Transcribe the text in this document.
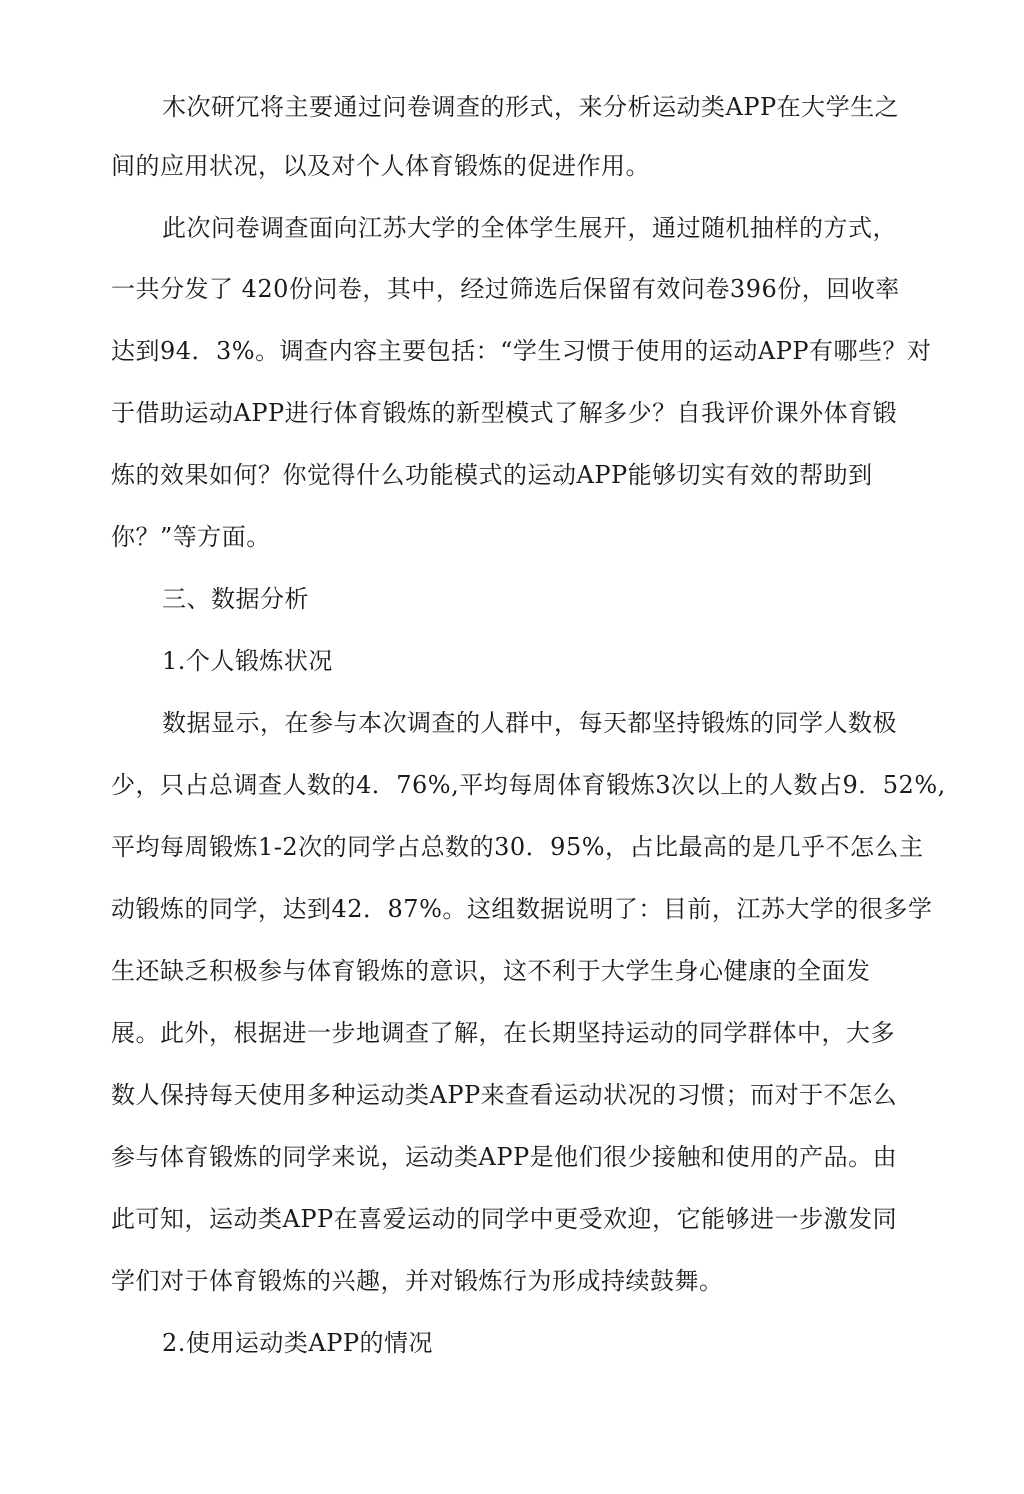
木次研冗将主要通过问卷调查的形式，来分析运动类APP在大学生之
间的应用状况，以及对个人体育锻炼的促进作用。
此次问卷调查面向江苏大学的全体学生展幵，通过随机抽样的方式，
一共分发了 420份问卷，其中，经过筛选后保留有效问卷396份，回收率
达到94．3%。调查内容主要包括：“学生习惯于使用的运动APP有哪些？对
于借助运动APP进行体育锻炼的新型模式了解多少？自我评价课外体育锻
炼的效果如何？你觉得什么功能模式的运动APP能够切实有效的帮助到
你？”等方面。
三、数据分析
1.个人锻炼状况
数据显示，在参与本次调查的人群中，每天都坚持锻炼的同学人数极
少，只占总调查人数的4．76%,平均每周体育锻炼3次以上的人数占9．52%,
平均每周锻炼1-2次的同学占总数的30．95%，占比最高的是几乎不怎么主
动锻炼的同学，达到42．87%。这组数据说明了：目前，江苏大学的很多学
生还缺乏积极参与体育锻炼的意识，这不利于大学生身心健康的全面发
展。此外，根据进一步地调查了解，在长期坚持运动的同学群体中，大多
数人保持每天使用多种运动类APP来查看运动状况的习惯；而对于不怎么
参与体育锻炼的同学来说，运动类APP是他们很少接触和使用的产品。由
此可知，运动类APP在喜爱运动的同学中更受欢迎，它能够进一步激发同
学们对于体育锻炼的兴趣，并对锻炼行为形成持续鼓舞。
2.使用运动类APP的情况
